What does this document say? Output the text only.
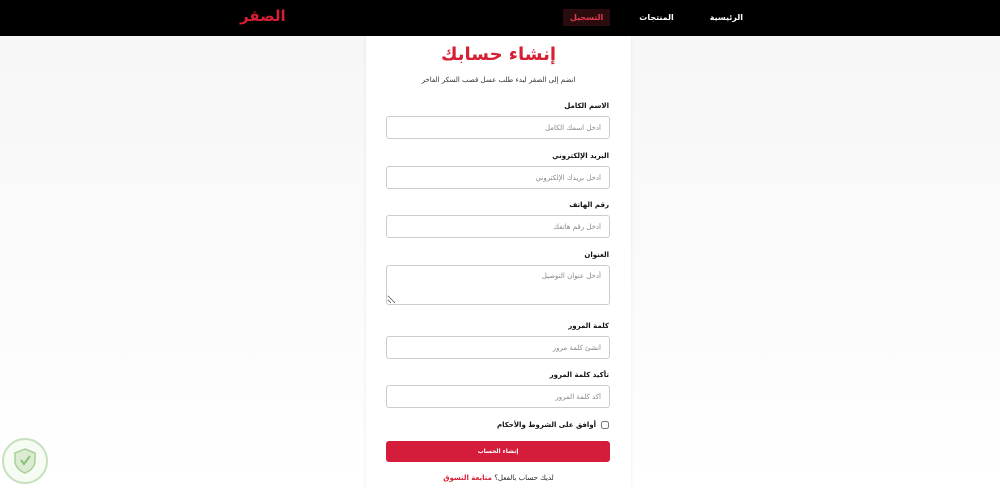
الصقر	الرئيسية
المنتجات
التسجيل
إنشاء حسابك

انضم إلى الصقر لبدء طلب عسل قصب السكر الفاخر

الاسم الكامل
أدخل اسمك الكامل
البريد الإلكتروني
أدخل بريدك الإلكتروني
رقم الهاتف
أدخل رقم هاتفك
العنوان
أدخل عنوان التوصيل
كلمة المرور
تأكيد كلمة المرور
أوافق على الشروط والأحكام
إنشاء الحساب
لديك حساب بالفعل؟ متابعة التسوق
